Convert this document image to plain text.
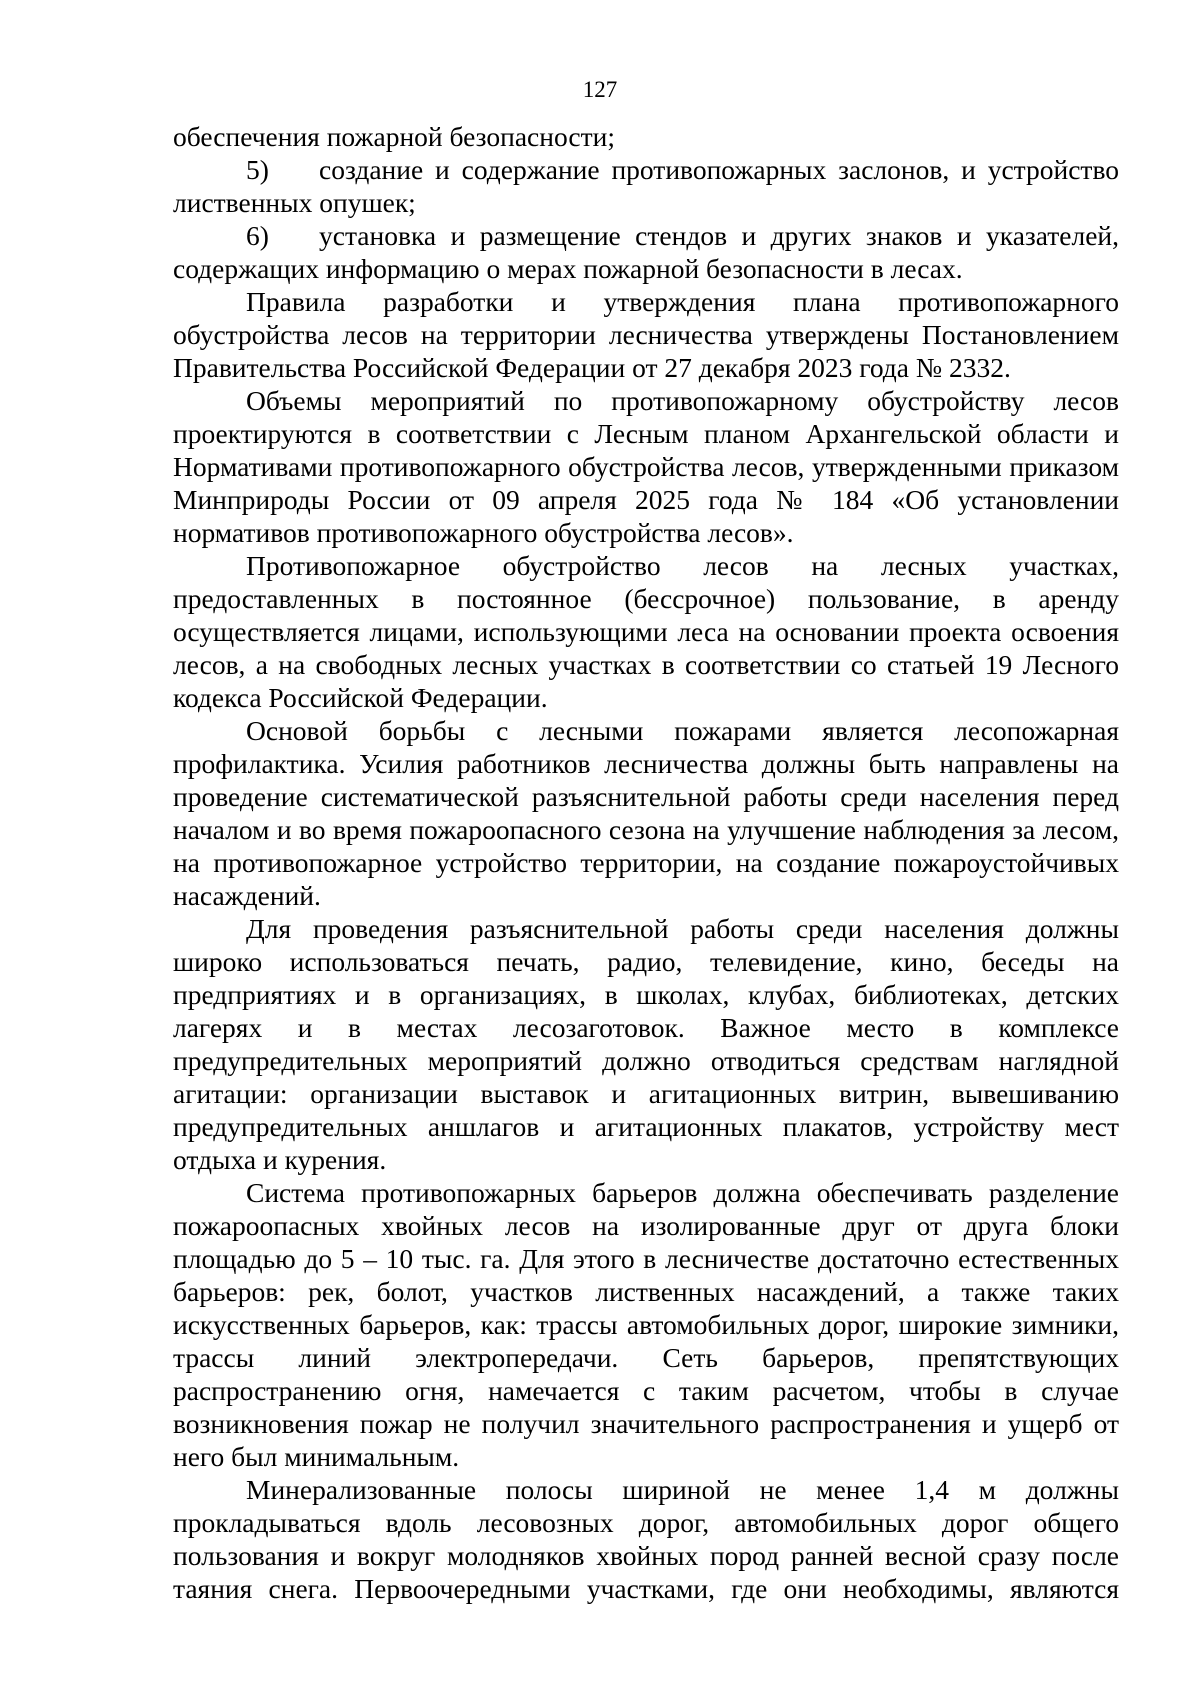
127

обеспечения пожарной безопасности;

5) создание и содержание противопожарных заслонов, и устройство лиственных опушек;

6) установка и размещение стендов и других знаков и указателей, содержащих информацию о мерах пожарной безопасности в лесах.

Правила разработки и утверждения плана противопожарного обустройства лесов на территории лесничества утверждены Постановлением Правительства Российской Федерации от 27 декабря 2023 года № 2332.

Объемы мероприятий по противопожарному обустройству лесов проектируются в соответствии с Лесным планом Архангельской области и Нормативами противопожарного обустройства лесов, утвержденными приказом Минприроды России от 09 апреля 2025 года № 184 «Об установлении нормативов противопожарного обустройства лесов».

Противопожарное обустройство лесов на лесных участках, предоставленных в постоянное (бессрочное) пользование, в аренду осуществляется лицами, использующими леса на основании проекта освоения лесов, а на свободных лесных участках в соответствии со статьей 19 Лесного кодекса Российской Федерации.

Основой борьбы с лесными пожарами является лесопожарная профилактика. Усилия работников лесничества должны быть направлены на проведение систематической разъяснительной работы среди населения перед началом и во время пожароопасного сезона на улучшение наблюдения за лесом, на противопожарное устройство территории, на создание пожароустойчивых насаждений.

Для проведения разъяснительной работы среди населения должны широко использоваться печать, радио, телевидение, кино, беседы на предприятиях и в организациях, в школах, клубах, библиотеках, детских лагерях и в местах лесозаготовок. Важное место в комплексе предупредительных мероприятий должно отводиться средствам наглядной агитации: организации выставок и агитационных витрин, вывешиванию предупредительных аншлагов и агитационных плакатов, устройству мест отдыха и курения.

Система противопожарных барьеров должна обеспечивать разделение пожароопасных хвойных лесов на изолированные друг от друга блоки площадью до 5 – 10 тыс. га. Для этого в лесничестве достаточно естественных барьеров: рек, болот, участков лиственных насаждений, а также таких искусственных барьеров, как: трассы автомобильных дорог, широкие зимники, трассы линий электропередачи. Сеть барьеров, препятствующих распространению огня, намечается с таким расчетом, чтобы в случае возникновения пожар не получил значительного распространения и ущерб от него был минимальным.

Минерализованные полосы шириной не менее 1,4 м должны прокладываться вдоль лесовозных дорог, автомобильных дорог общего пользования и вокруг молодняков хвойных пород ранней весной сразу после таяния снега. Первоочередными участками, где они необходимы, являются
